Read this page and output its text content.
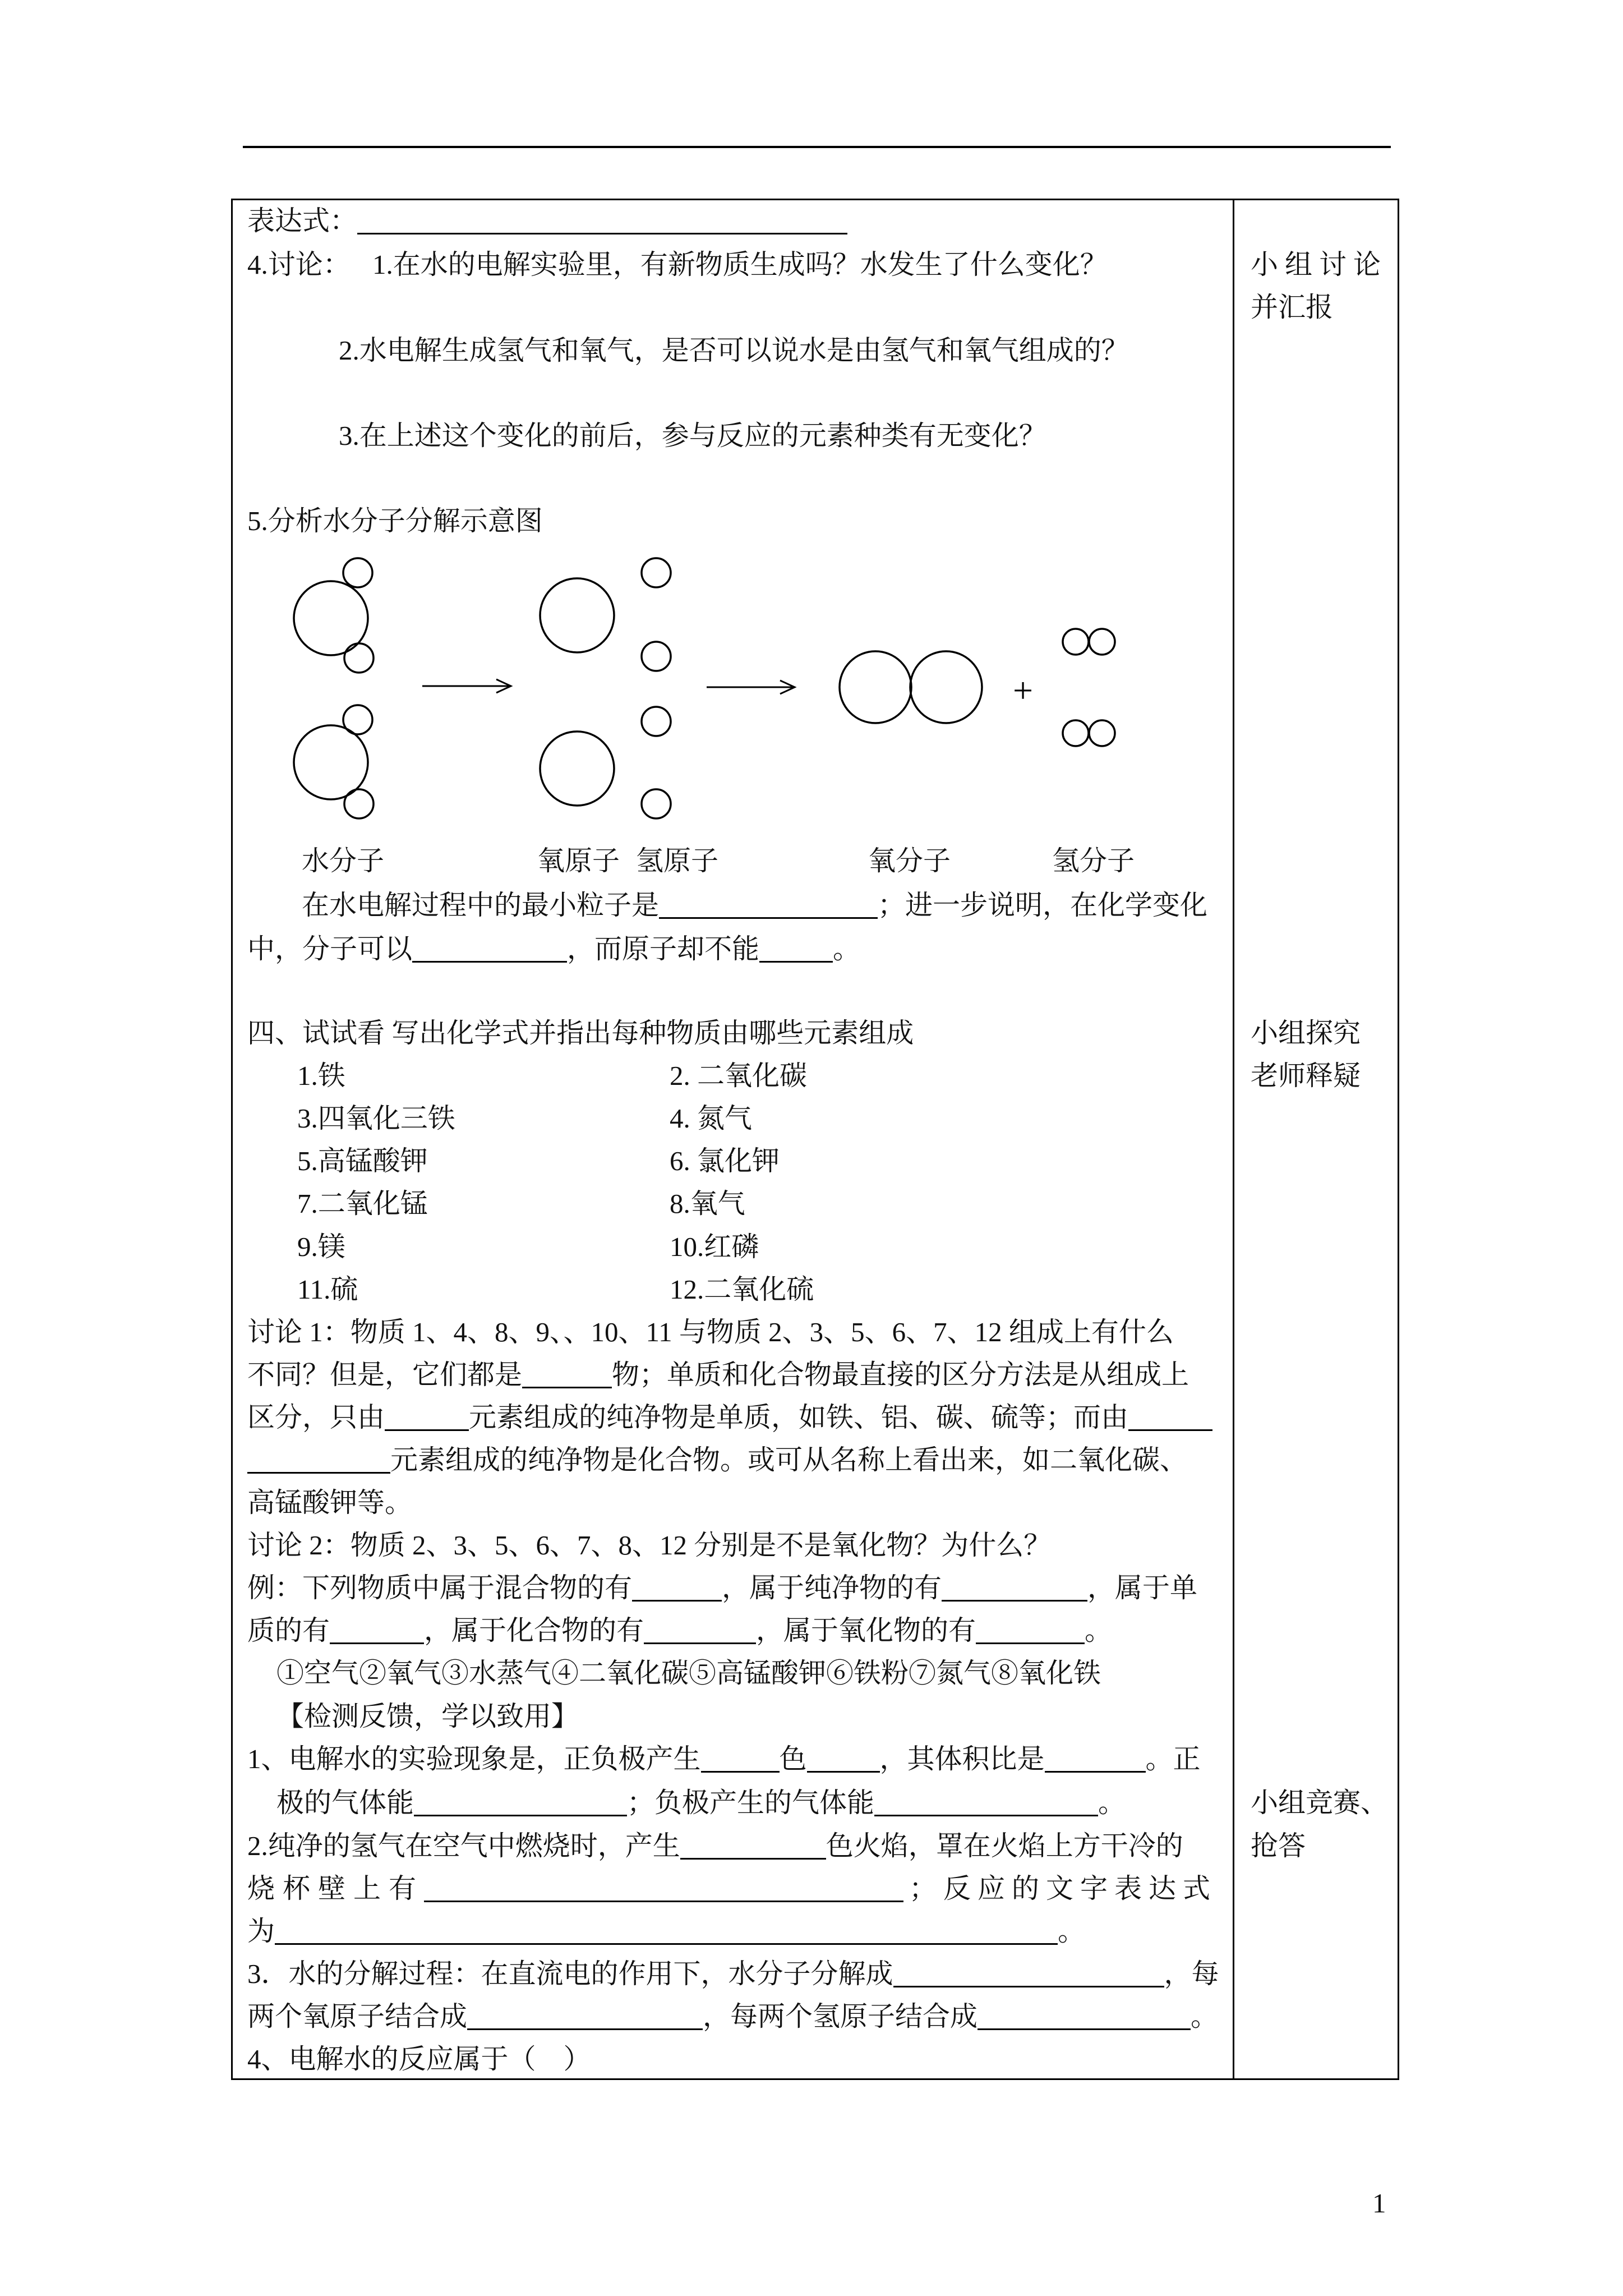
+
表达式：
4.讨论： 1.在水的电解实验里，有新物质生成吗？水发生了什么变化？
2.水电解生成氢气和氧气，是否可以说水是由氢气和氧气组成的？
3.在上述这个变化的前后，参与反应的元素种类有无变化？
5.分析水分子分解示意图
水分子	氧原子 氢原子	氧分子	氢分子
在水电解过程中的最小粒子是	；进一步说明，在化学变化
中，分子可以	，而原子却不能	。
四、试试看 写出化学式并指出每种物质由哪些元素组成
1.铁	2. 二氧化碳
3.四氧化三铁	4. 氮气
5.高锰酸钾	6. 氯化钾
7.二氧化锰	8.氧气
9.镁	10.红磷
11.硫	12.二氧化硫
讨论 1：物质 1、4、8、9、、10、11 与物质 2、3、5、6、7、12 组成上有什么
不同？但是，它们都是	物；单质和化合物最直接的区分方法是从组成上
区分，只由	元素组成的纯净物是单质，如铁、铝、碳、硫等；而由
元素组成的纯净物是化合物。或可从名称上看出来，如二氧化碳、
高锰酸钾等。
讨论 2：物质 2、3、5、6、7、8、12 分别是不是氧化物？为什么？
例：下列物质中属于混合物的有	，属于纯净物的有	，属于单
质的有	，属于化合物的有	，属于氧化物的有	。
①空气②氧气③水蒸气④二氧化碳⑤高锰酸钾⑥铁粉⑦氮气⑧氧化铁
【检测反馈，学以致用】
1、电解水的实验现象是，正负极产生	色	，其体积比是	。正
极的气体能	；负极产生的气体能	。
2.纯净的氢气在空气中燃烧时，产生	色火焰，罩在火焰上方干冷的
烧杯壁上有	；反应的文字表达式
为	。
3．水的分解过程：在直流电的作用下，水分子分解成	，每
两个氧原子结合成	，每两个氢原子结合成	。
4、电解水的反应属于（    ）
小组讨论
并汇报
小组探究
老师释疑
小组竞赛、
抢答
1
